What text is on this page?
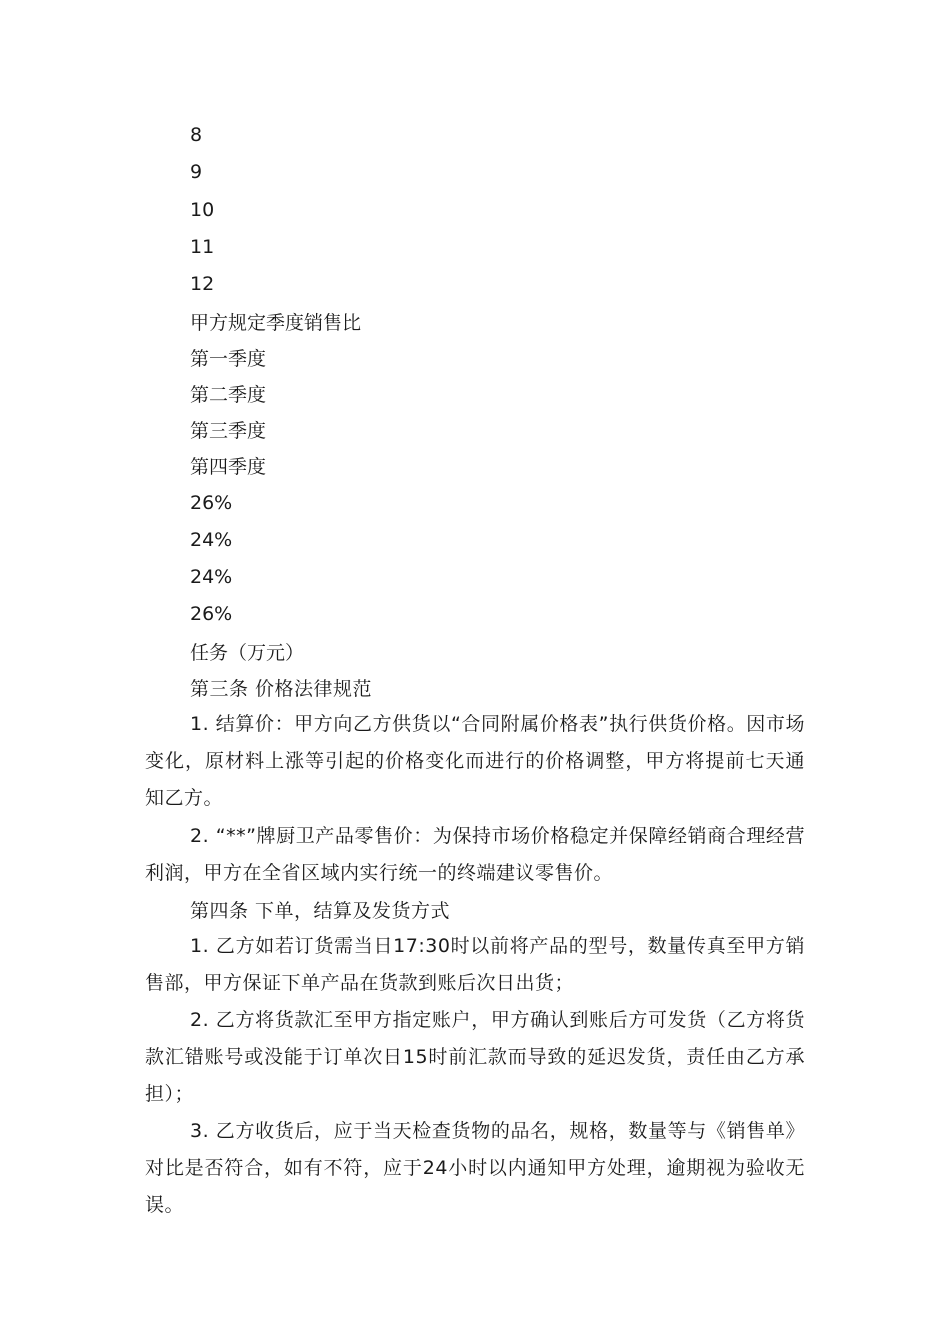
8
9
10
11
12
甲方规定季度销售比
第一季度
第二季度
第三季度
第四季度
26%
24%
24%
26%
任务（万元）
第三条 价格法律规范
1. 结算价：甲方向乙方供货以“合同附属价格表”执行供货价格。因市场变化，原材料上涨等引起的价格变化而进行的价格调整，甲方将提前七天通知乙方。
2. “**”牌厨卫产品零售价：为保持市场价格稳定并保障经销商合理经营利润，甲方在全省区域内实行统一的终端建议零售价。
第四条 下单，结算及发货方式
1. 乙方如若订货需当日17:30时以前将产品的型号，数量传真至甲方销售部，甲方保证下单产品在货款到账后次日出货；
2. 乙方将货款汇至甲方指定账户，甲方确认到账后方可发货（乙方将货款汇错账号或没能于订单次日15时前汇款而导致的延迟发货，责任由乙方承担）；
3. 乙方收货后，应于当天检查货物的品名，规格，数量等与《销售单》对比是否符合，如有不符，应于24小时以内通知甲方处理，逾期视为验收无误。
